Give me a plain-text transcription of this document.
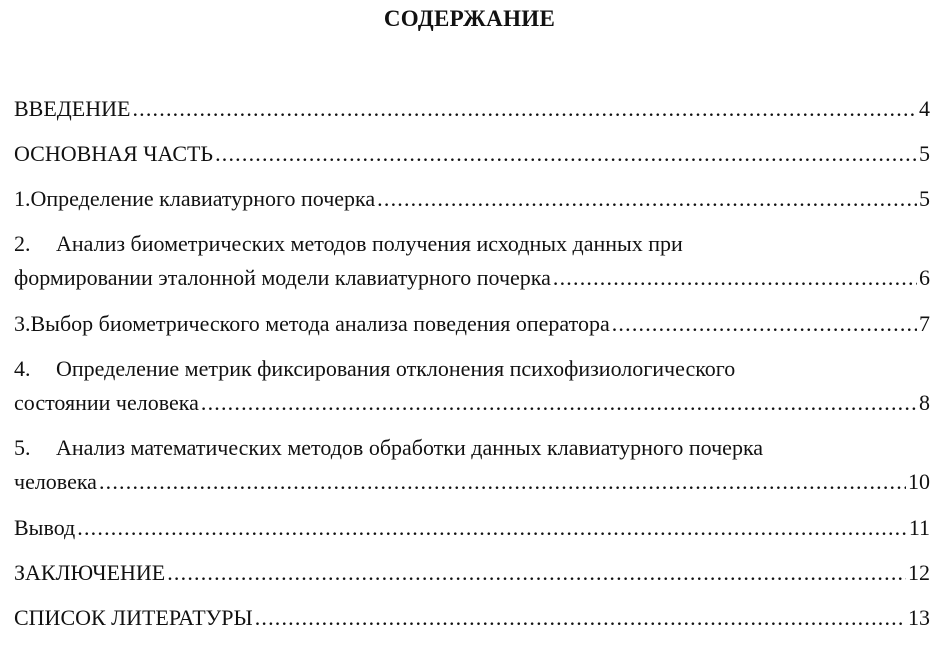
СОДЕРЖАНИЕ
ВВЕДЕНИЕ .....	4
ОСНОВНАЯ ЧАСТЬ .....	5
1. Определение клавиатурного почерка .....	5
2.	Анализ биометрических методов получения исходных данных при
формировании эталонной модели клавиатурного почерка .....	6
3. Выбор биометрического метода анализа поведения оператора .....	7
4.	Определение метрик фиксирования отклонения психофизиологического
состоянии человека .....	8
5.	Анализ математических методов обработки данных клавиатурного почерка
человека .....	10
Вывод .....	11
ЗАКЛЮЧЕНИЕ .....	12
СПИСОК ЛИТЕРАТУРЫ .....	13
